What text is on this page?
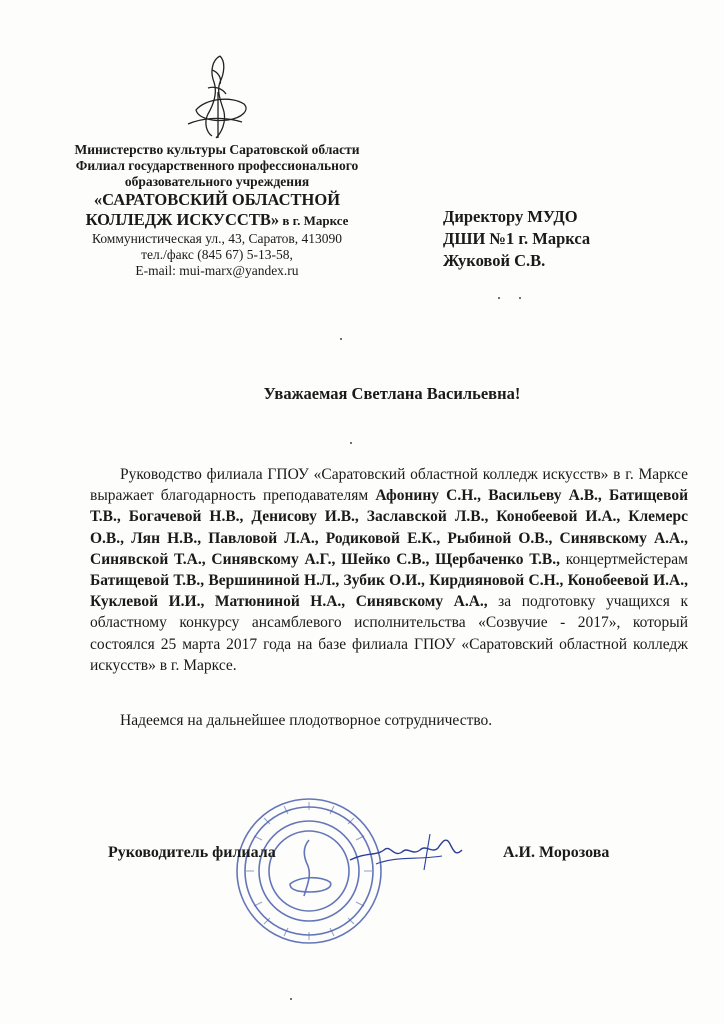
Министерство культуры Саратовской области
Филиал государственного профессионального
образовательного учреждения
«САРАТОВСКИЙ ОБЛАСТНОЙ
КОЛЛЕДЖ ИСКУССТВ» в г. Марксе
Коммунистическая ул., 43, Саратов, 413090
тел./факс (845 67) 5-13-58,
E-mail: mui-marx@yandex.ru
Директору МУДО
ДШИ №1 г. Маркса
Жуковой С.В.
Уважаемая Светлана Васильевна!

Руководство филиала ГПОУ «Саратовский областной колледж искусств» в г. Марксе выражает благодарность преподавателям Афонину С.Н., Васильеву А.В., Батищевой Т.В., Богачевой Н.В., Денисову И.В., Заславской Л.В., Конобеевой И.А., Клемерс О.В., Лян Н.В., Павловой Л.А., Родиковой Е.К., Рыбиной О.В., Синявскому А.А., Синявской Т.А., Синявскому А.Г., Шейко С.В., Щербаченко Т.В., концертмейстерам Батищевой Т.В., Вершининой Н.Л., Зубик О.И., Кирдияновой С.Н., Конобеевой И.А., Куклевой И.И., Матюниной Н.А., Синявскому А.А., за подготовку учащихся к областному конкурсу ансамблевого исполнительства «Созвучие - 2017», который состоялся 25 марта 2017 года на базе филиала ГПОУ «Саратовский областной колледж искусств» в г. Марксе.

Надеемся на дальнейшее плодотворное сотрудничество.
Руководитель филиала	А.И. Морозова
